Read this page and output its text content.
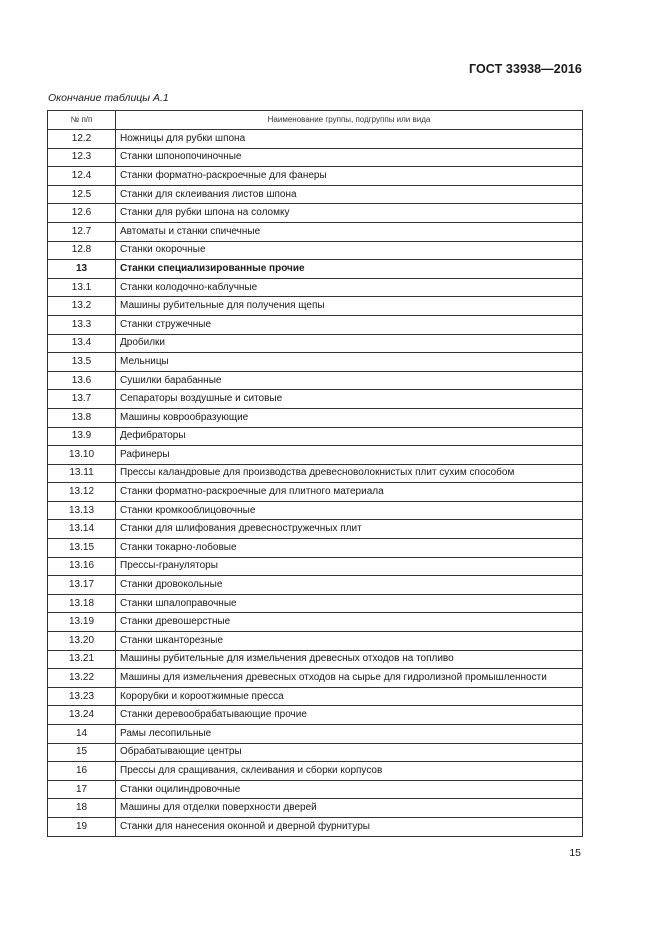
ГОСТ 33938—2016
Окончание таблицы А.1
№ п/п	Наименование группы, подгруппы или вида
12.2	Ножницы для рубки шпона
12.3	Станки шпонопочиночные
12.4	Станки форматно-раскроечные для фанеры
12.5	Станки для склеивания листов шпона
12.6	Станки для рубки шпона на соломку
12.7	Автоматы и станки спичечные
12.8	Станки окорочные
13	Станки специализированные прочие
13.1	Станки колодочно-каблучные
13.2	Машины рубительные для получения щепы
13.3	Станки стружечные
13.4	Дробилки
13.5	Мельницы
13.6	Сушилки барабанные
13.7	Сепараторы воздушные и ситовые
13.8	Машины коврообразующие
13.9	Дефибраторы
13.10	Рафинеры
13.11	Прессы каландровые для производства древесноволокнистых плит сухим способом
13.12	Станки форматно-раскроечные для плитного материала
13.13	Станки кромкооблицовочные
13.14	Станки для шлифования древесностружечных плит
13.15	Станки токарно-лобовые
13.16	Прессы-грануляторы
13.17	Станки дровокольные
13.18	Станки шпалоправочные
13.19	Станки древошерстные
13.20	Станки шканторезные
13.21	Машины рубительные для измельчения древесных отходов на топливо
13.22	Машины для измельчения древесных отходов на сырье для гидролизной промышленности
13.23	Корорубки и короотжимные пресса
13.24	Станки деревообрабатывающие прочие
14	Рамы лесопильные
15	Обрабатывающие центры
16	Прессы для сращивания, склеивания и сборки корпусов
17	Станки оцилиндровочные
18	Машины для отделки поверхности дверей
19	Станки для нанесения оконной и дверной фурнитуры
15
